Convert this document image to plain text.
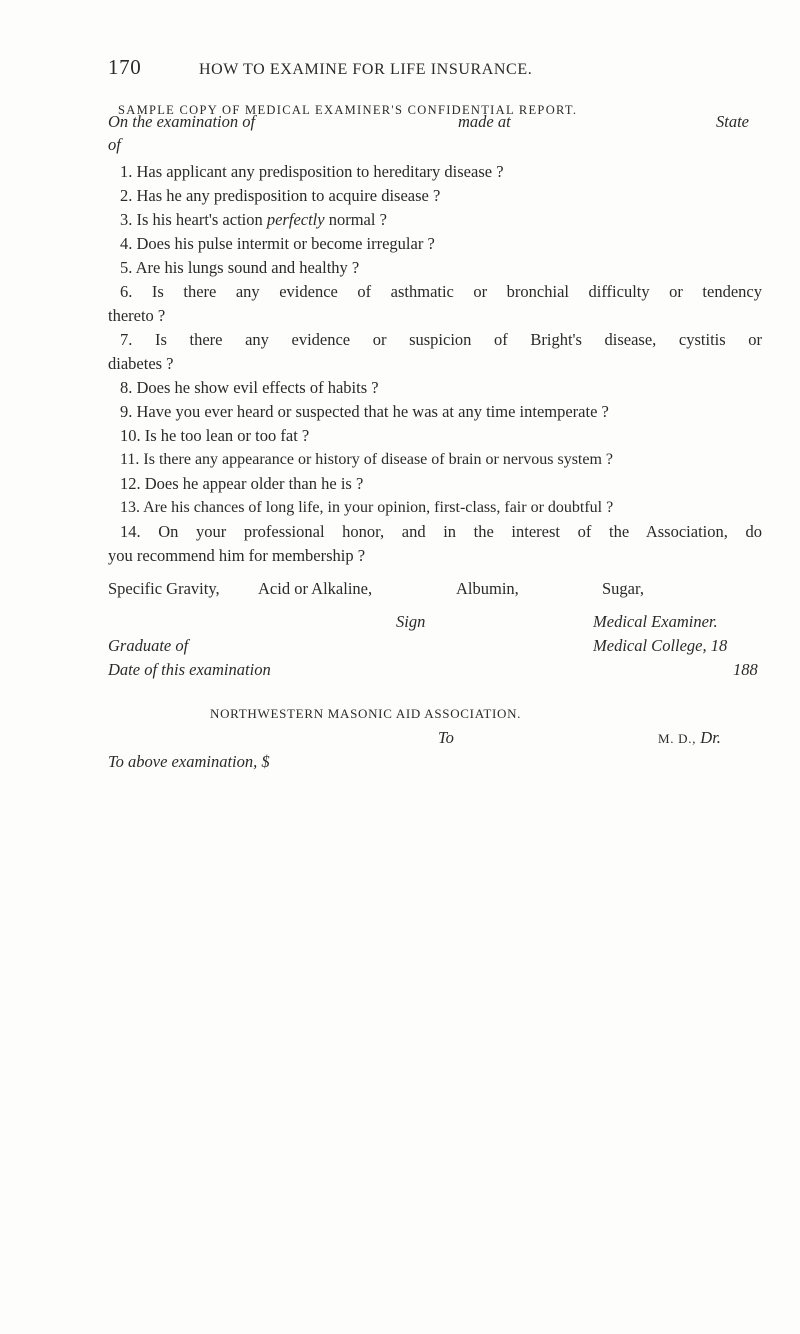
170	HOW TO EXAMINE FOR LIFE INSURANCE.
SAMPLE COPY OF MEDICAL EXAMINER'S CONFIDENTIAL REPORT.
On the examination of	made at	State
of
1. Has applicant any predisposition to hereditary disease ?
2. Has he any predisposition to acquire disease ?
3. Is his heart's action perfectly normal ?
4. Does his pulse intermit or become irregular ?
5. Are his lungs sound and healthy ?
6. Is there any evidence of asthmatic or bronchial difficulty or tendency
thereto ?
7. Is there any evidence or suspicion of Bright's disease, cystitis or
diabetes ?
8. Does he show evil effects of habits ?
9. Have you ever heard or suspected that he was at any time intemperate ?
10. Is he too lean or too fat ?
11. Is there any appearance or history of disease of brain or nervous system ?
12. Does he appear older than he is ?
13. Are his chances of long life, in your opinion, first-class, fair or doubtful ?
14. On your professional honor, and in the interest of the Association, do
you recommend him for membership ?
Specific Gravity, Acid or Alkaline,	Albumin,	Sugar,
Sign	Medical Examiner.
Graduate of	Medical College, 18
Date of this examination	188
NORTHWESTERN MASONIC AID ASSOCIATION.
To	M. D., Dr.
To above examination, $
